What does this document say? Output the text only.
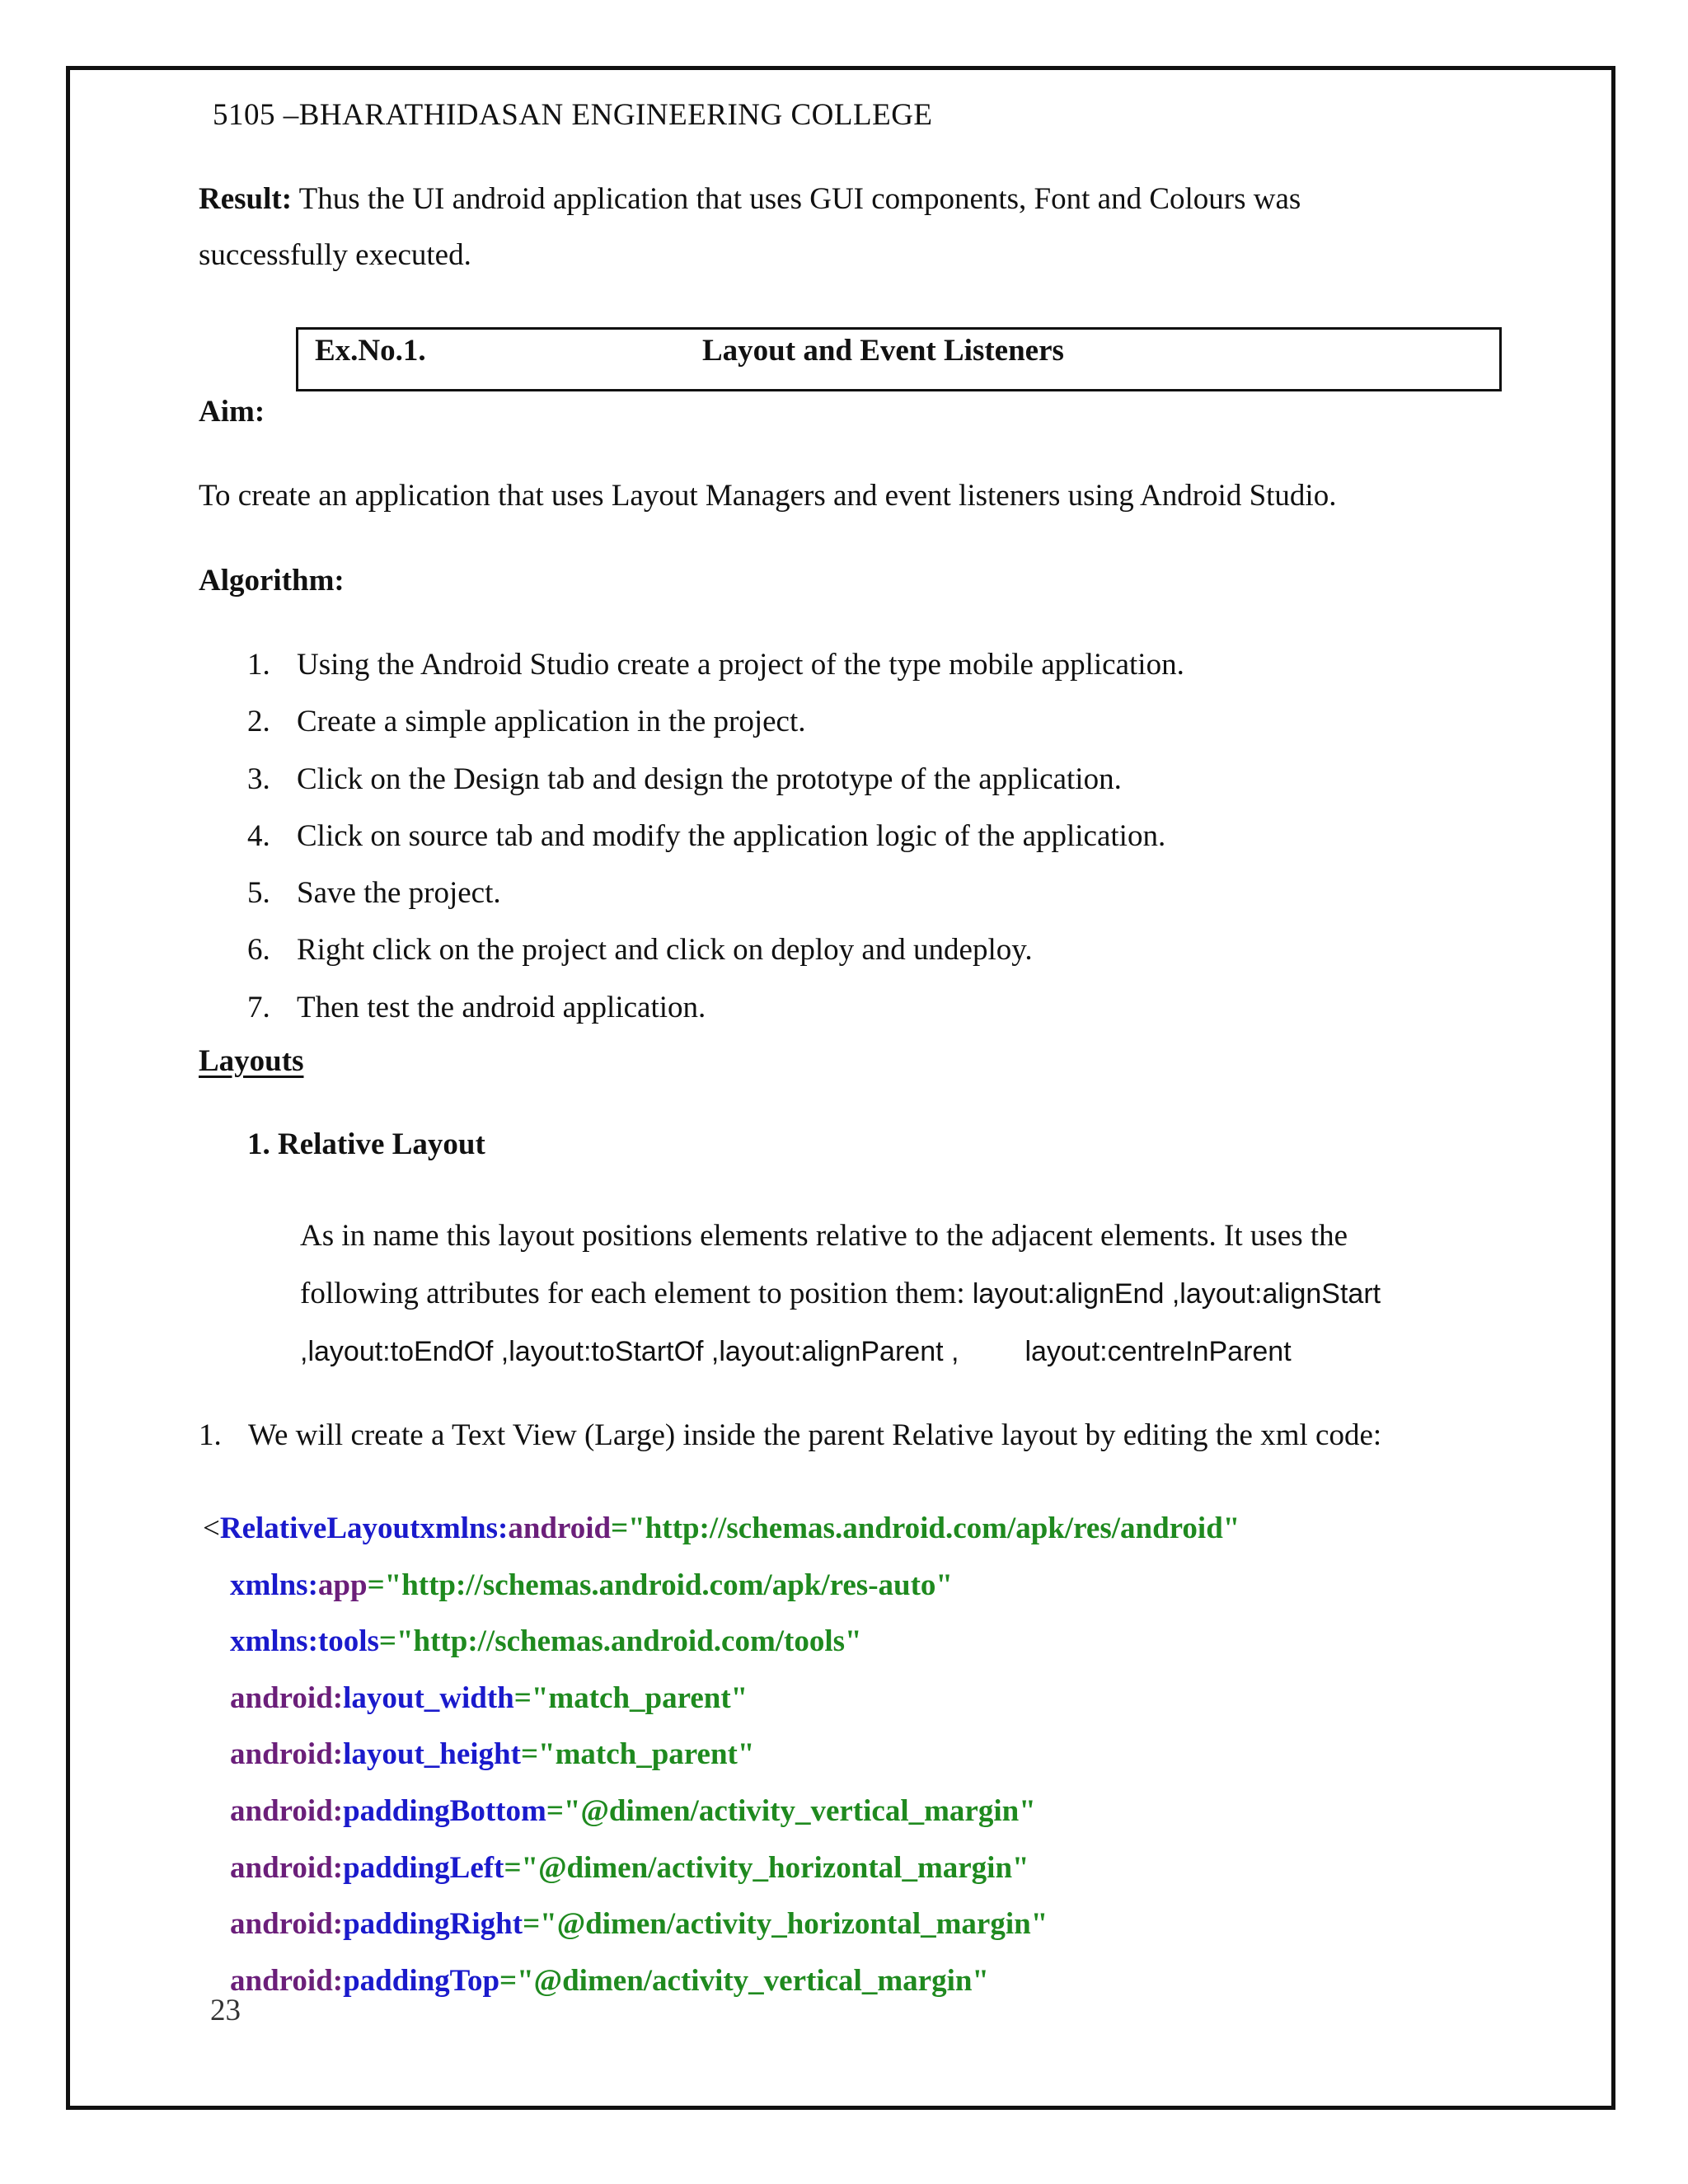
5105 –BHARATHIDASAN ENGINEERING COLLEGE
Result: Thus the UI android application that uses GUI components, Font and Colours was successfully executed.
Ex.No.1.	Layout and Event Listeners
Aim:
To create an application that uses Layout Managers and event listeners using Android Studio.
Algorithm:
1. Using the Android Studio create a project of the type mobile application.
2. Create a simple application in the project.
3. Click on the Design tab and design the prototype of the application.
4. Click on source tab and modify the application logic of the application.
5. Save the project.
6. Right click on the project and click on deploy and undeploy.
7. Then test the android application.
Layouts
1. Relative Layout
As in name this layout positions elements relative to the adjacent elements. It uses the
following attributes for each element to position them: layout:alignEnd ,layout:alignStart
,layout:toEndOf ,layout:toStartOf ,layout:alignParent , layout:centreInParent
1. We will create a Text View (Large) inside the parent Relative layout by editing the xml code:
<RelativeLayoutxmlns:android="http://schemas.android.com/apk/res/android"
xmlns:app="http://schemas.android.com/apk/res-auto"
xmlns:tools="http://schemas.android.com/tools"
android:layout_width="match_parent"
android:layout_height="match_parent"
android:paddingBottom="@dimen/activity_vertical_margin"
android:paddingLeft="@dimen/activity_horizontal_margin"
android:paddingRight="@dimen/activity_horizontal_margin"
android:paddingTop="@dimen/activity_vertical_margin"
23
